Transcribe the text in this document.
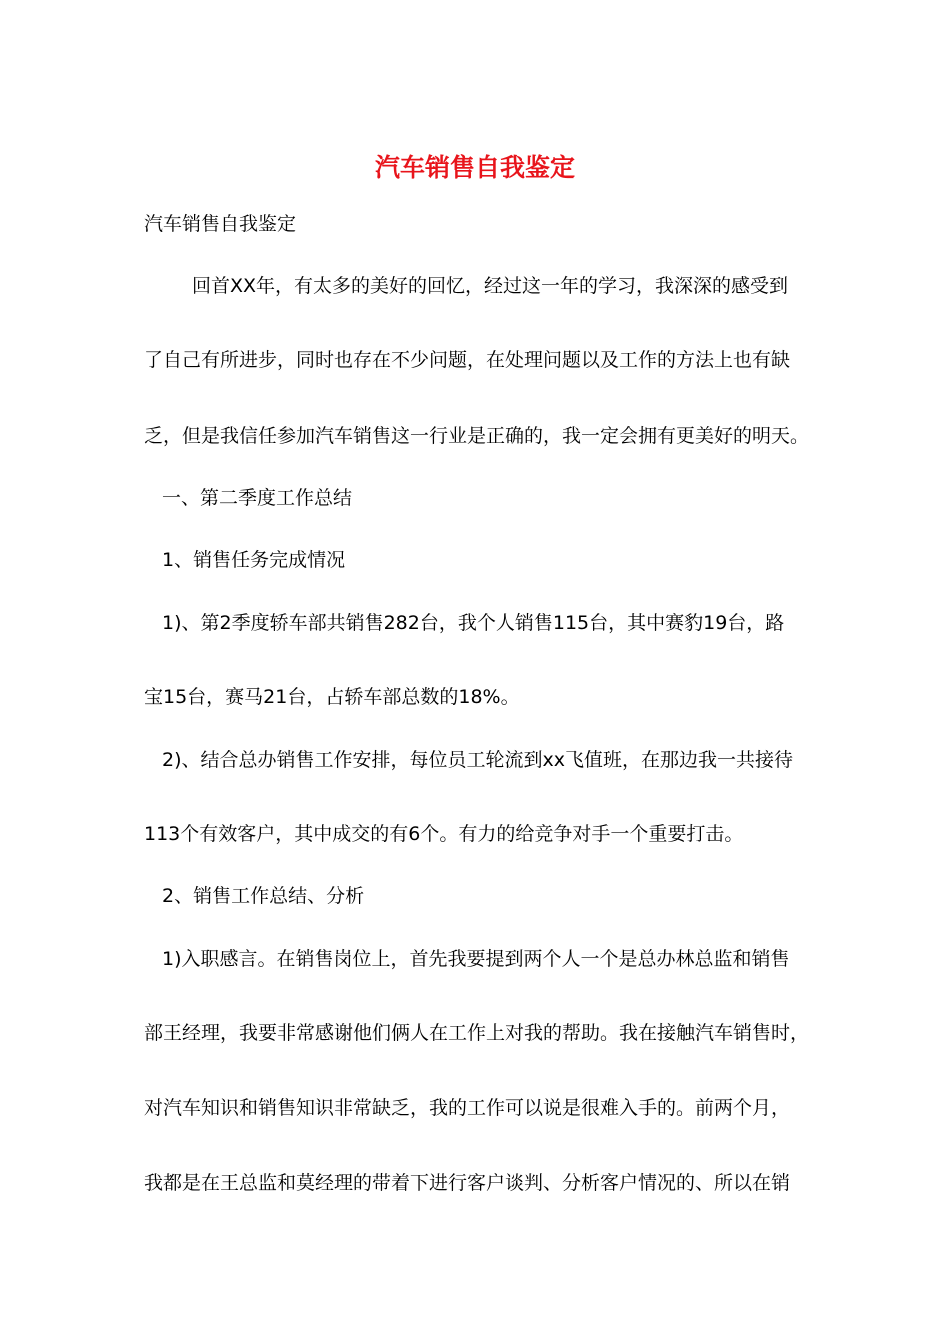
汽车销售自我鉴定

汽车销售自我鉴定

回首XX年，有太多的美好的回忆，经过这一年的学习，我深深的感受到

了自己有所进步，同时也存在不少问题，在处理问题以及工作的方法上也有缺

乏，但是我信任参加汽车销售这一行业是正确的，我一定会拥有更美好的明天。

一、第二季度工作总结

1、销售任务完成情况

1)、第2季度轿车部共销售282台，我个人销售115台，其中赛豹19台，路

宝15台，赛马21台，占轿车部总数的18%。

2)、结合总办销售工作安排，每位员工轮流到xx飞值班，在那边我一共接待

113个有效客户，其中成交的有6个。有力的给竞争对手一个重要打击。

2、销售工作总结、分析

1)入职感言。在销售岗位上，首先我要提到两个人一个是总办林总监和销售

部王经理，我要非常感谢他们俩人在工作上对我的帮助。我在接触汽车销售时，

对汽车知识和销售知识非常缺乏，我的工作可以说是很难入手的。前两个月，

我都是在王总监和莫经理的带着下进行客户谈判、分析客户情况的、所以在销
